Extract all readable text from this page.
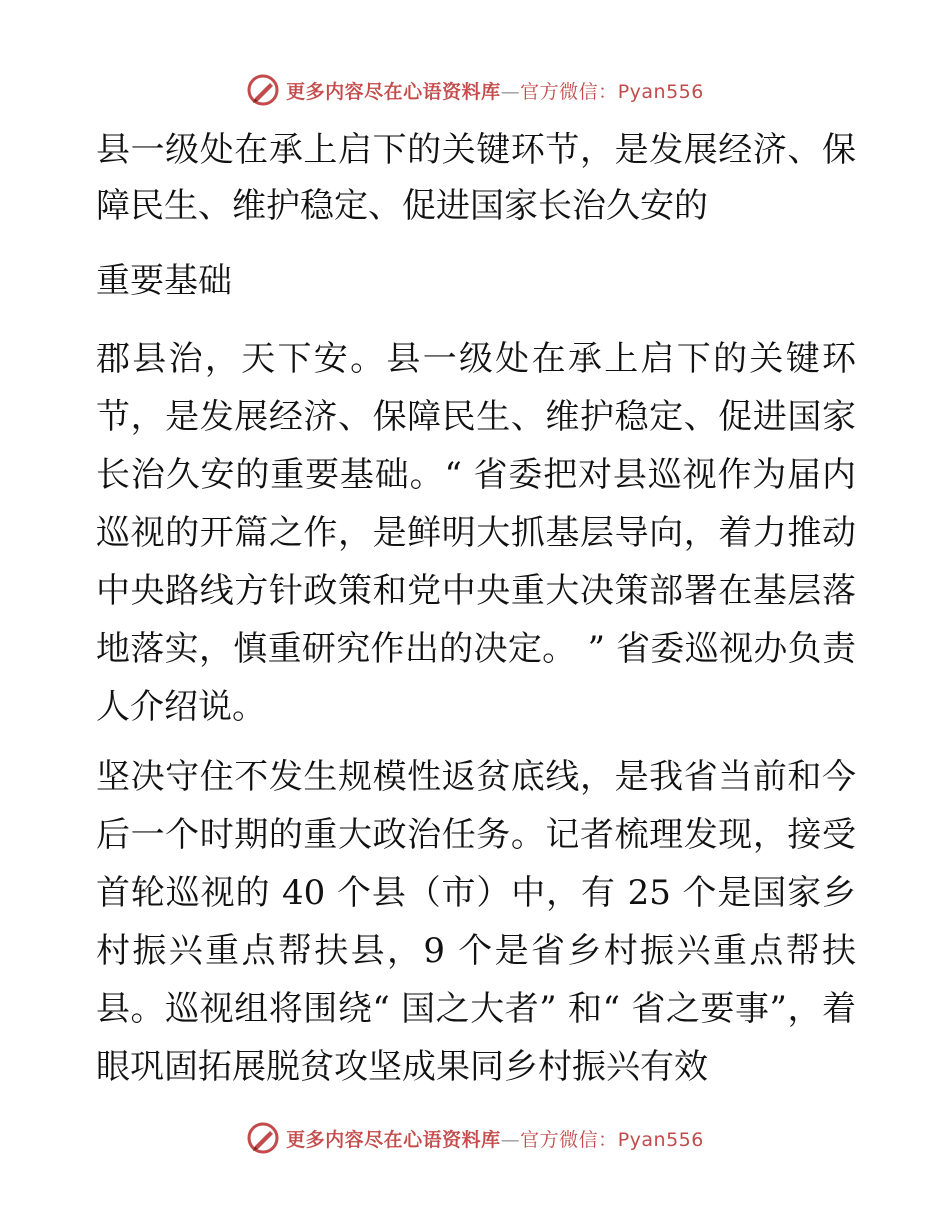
更多内容尽在心语资料库—官方微信：Pyan556

县一级处在承上启下的关键环节，是发展经济、保障民生、维护稳定、促进国家长治久安的

重要基础

郡县治，天下安。县一级处在承上启下的关键环节，是发展经济、保障民生、维护稳定、促进国家长治久安的重要基础。“ 省委把对县巡视作为届内巡视的开篇之作，是鲜明大抓基层导向，着力推动中央路线方针政策和党中央重大决策部署在基层落地落实，慎重研究作出的决定。 ” 省委巡视办负责人介绍说。

坚决守住不发生规模性返贫底线，是我省当前和今后一个时期的重大政治任务。记者梳理发现，接受首轮巡视的 40 个县（市）中，有 25 个是国家乡村振兴重点帮扶县，9 个是省乡村振兴重点帮扶县。巡视组将围绕“ 国之大者” 和“ 省之要事”，着眼巩固拓展脱贫攻坚成果同乡村振兴有效

更多内容尽在心语资料库—官方微信：Pyan556
